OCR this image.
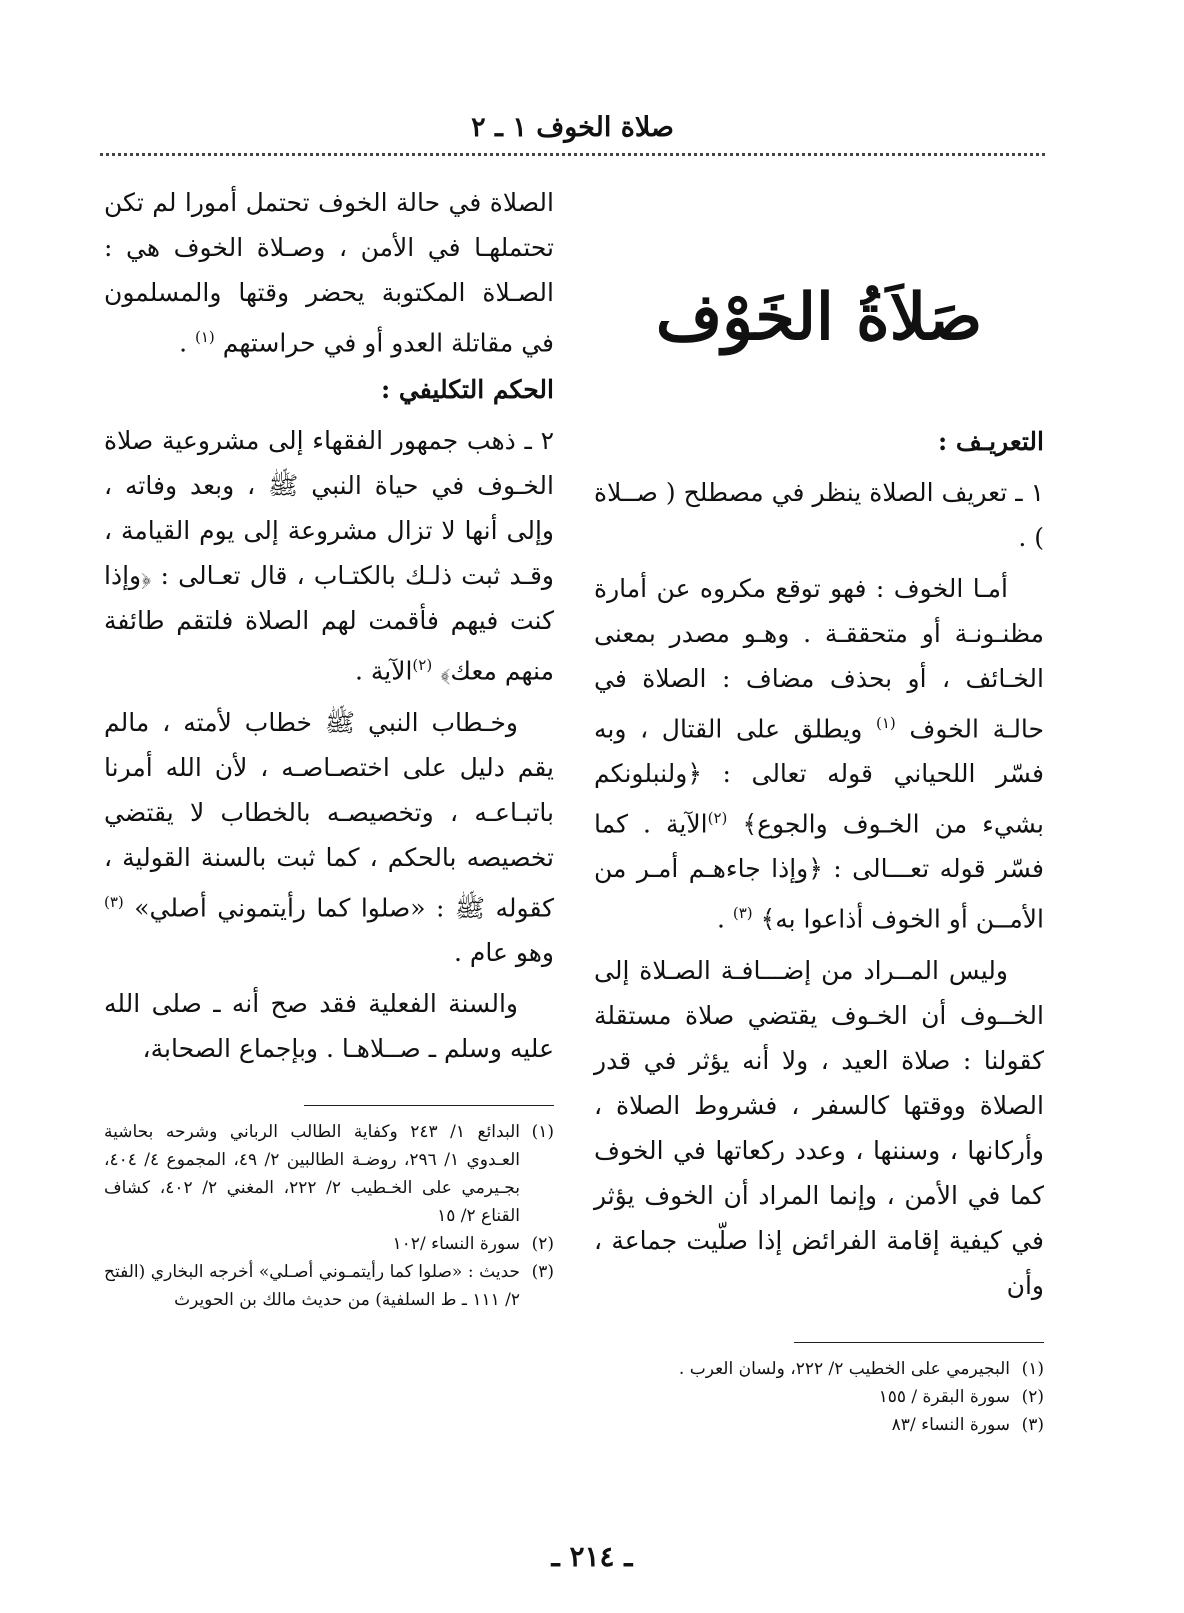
صلاة الخوف ١ ـ ٢
صَلاَةُ الخَوْف
التعريـف :

١ ـ تعريف الصلاة ينظر في مصطلح ( صــلاة ) .

أمـا الخوف : فهو توقع مكروه عن أمارة مظنـونـة أو متحققـة . وهـو مصدر بمعنى الخـائف ، أو بحذف مضاف : الصلاة في حالـة الخوف $^{(١)}$ ويطلق على القتال ، وبه فسّر اللحياني قوله تعالى : ﴿ولنبلونكم بشيء من الخـوف والجوع﴾ $^{(٢)}$الآية . كما فسّر قوله تعـــالى : ﴿وإذا جاءهـم أمـر من الأمــن أو الخوف أذاعوا به﴾ $^{(٣)}$ .

وليس المــراد من إضـــافـة الصـلاة إلى الخــوف أن الخـوف يقتضي صلاة مستقلة كقولنا : صلاة العيد ، ولا أنه يؤثر في قدر الصلاة ووقتها كالسفر ، فشروط الصلاة ، وأركانها ، وسننها ، وعدد ركعاتها في الخوف كما في الأمن ، وإنما المراد أن الخوف يؤثر في كيفية إقامة الفرائض إذا صلّيت جماعة ، وأن

(١)
البجيرمي على الخطيب ٢/ ٢٢٢، ولسان العرب .
(٢)
سورة البقرة / ١٥٥
(٣)
سورة النساء /٨٣

الصلاة في حالة الخوف تحتمل أمورا لم تكن تحتملهـا في الأمن ، وصـلاة الخوف هي : الصـلاة المكتوبة يحضر وقتها والمسلمون في مقاتلة العدو أو في حراستهم $^{(١)}$ .

الحكم التكليفي :

٢ ـ ذهب جمهور الفقهاء إلى مشروعية صلاة الخـوف في حياة النبي ﷺ ، وبعد وفاته ، وإلى أنها لا تزال مشروعة إلى يوم القيامة ، وقـد ثبت ذلـك بالكتـاب ، قال تعـالى : ﴿وإذا كنت فيهم فأقمت لهم الصلاة فلتقم طائفة منهم معك﴾ $^{(٢)}$الآية .

وخـطاب النبي ﷺ خطاب لأمته ، مالم يقم دليل على اختصـاصـه ، لأن الله أمرنا باتبـاعـه ، وتخصيصـه بالخطاب لا يقتضي تخصيصه بالحكم ، كما ثبت بالسنة القولية ، كقوله ﷺ : «صلوا كما رأيتموني أصلي» $^{(٣)}$ وهو عام .

والسنة الفعلية فقد صح أنه ـ صلى الله عليه وسلم ـ صــلاهـا . وبإجماع الصحابة،

(١)
البدائع ١/ ٢٤٣ وكفاية الطالب الرباني وشرحه بحاشية العـدوي ١/ ٢٩٦، روضـة الطالبين ٢/ ٤٩، المجموع ٤/ ٤٠٤، بجـيرمي على الخـطيب ٢/ ٢٢٢، المغني ٢/ ٤٠٢، كشاف القناع ٢/ ١٥
(٢)
سورة النساء /١٠٢
(٣)
حديث : «صلوا كما رأيتمـوني أصـلي» أخرجه البخاري (الفتح ٢/ ١١١ ـ ط السلفية) من حديث مالك بن الحويرث
ـ ٢١٤ ـ
